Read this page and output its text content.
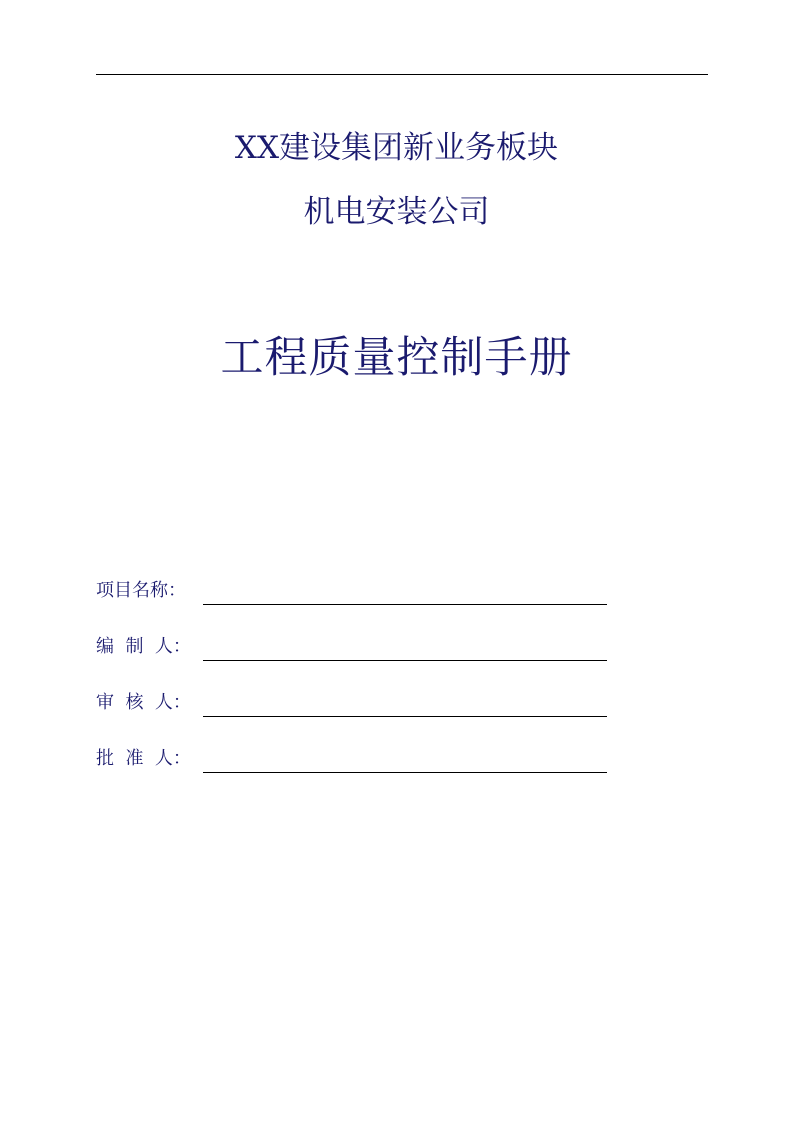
XX建设集团新业务板块
机电安装公司
工程质量控制手册
项目名称：
编  制  人：
审  核  人：
批  准  人：
